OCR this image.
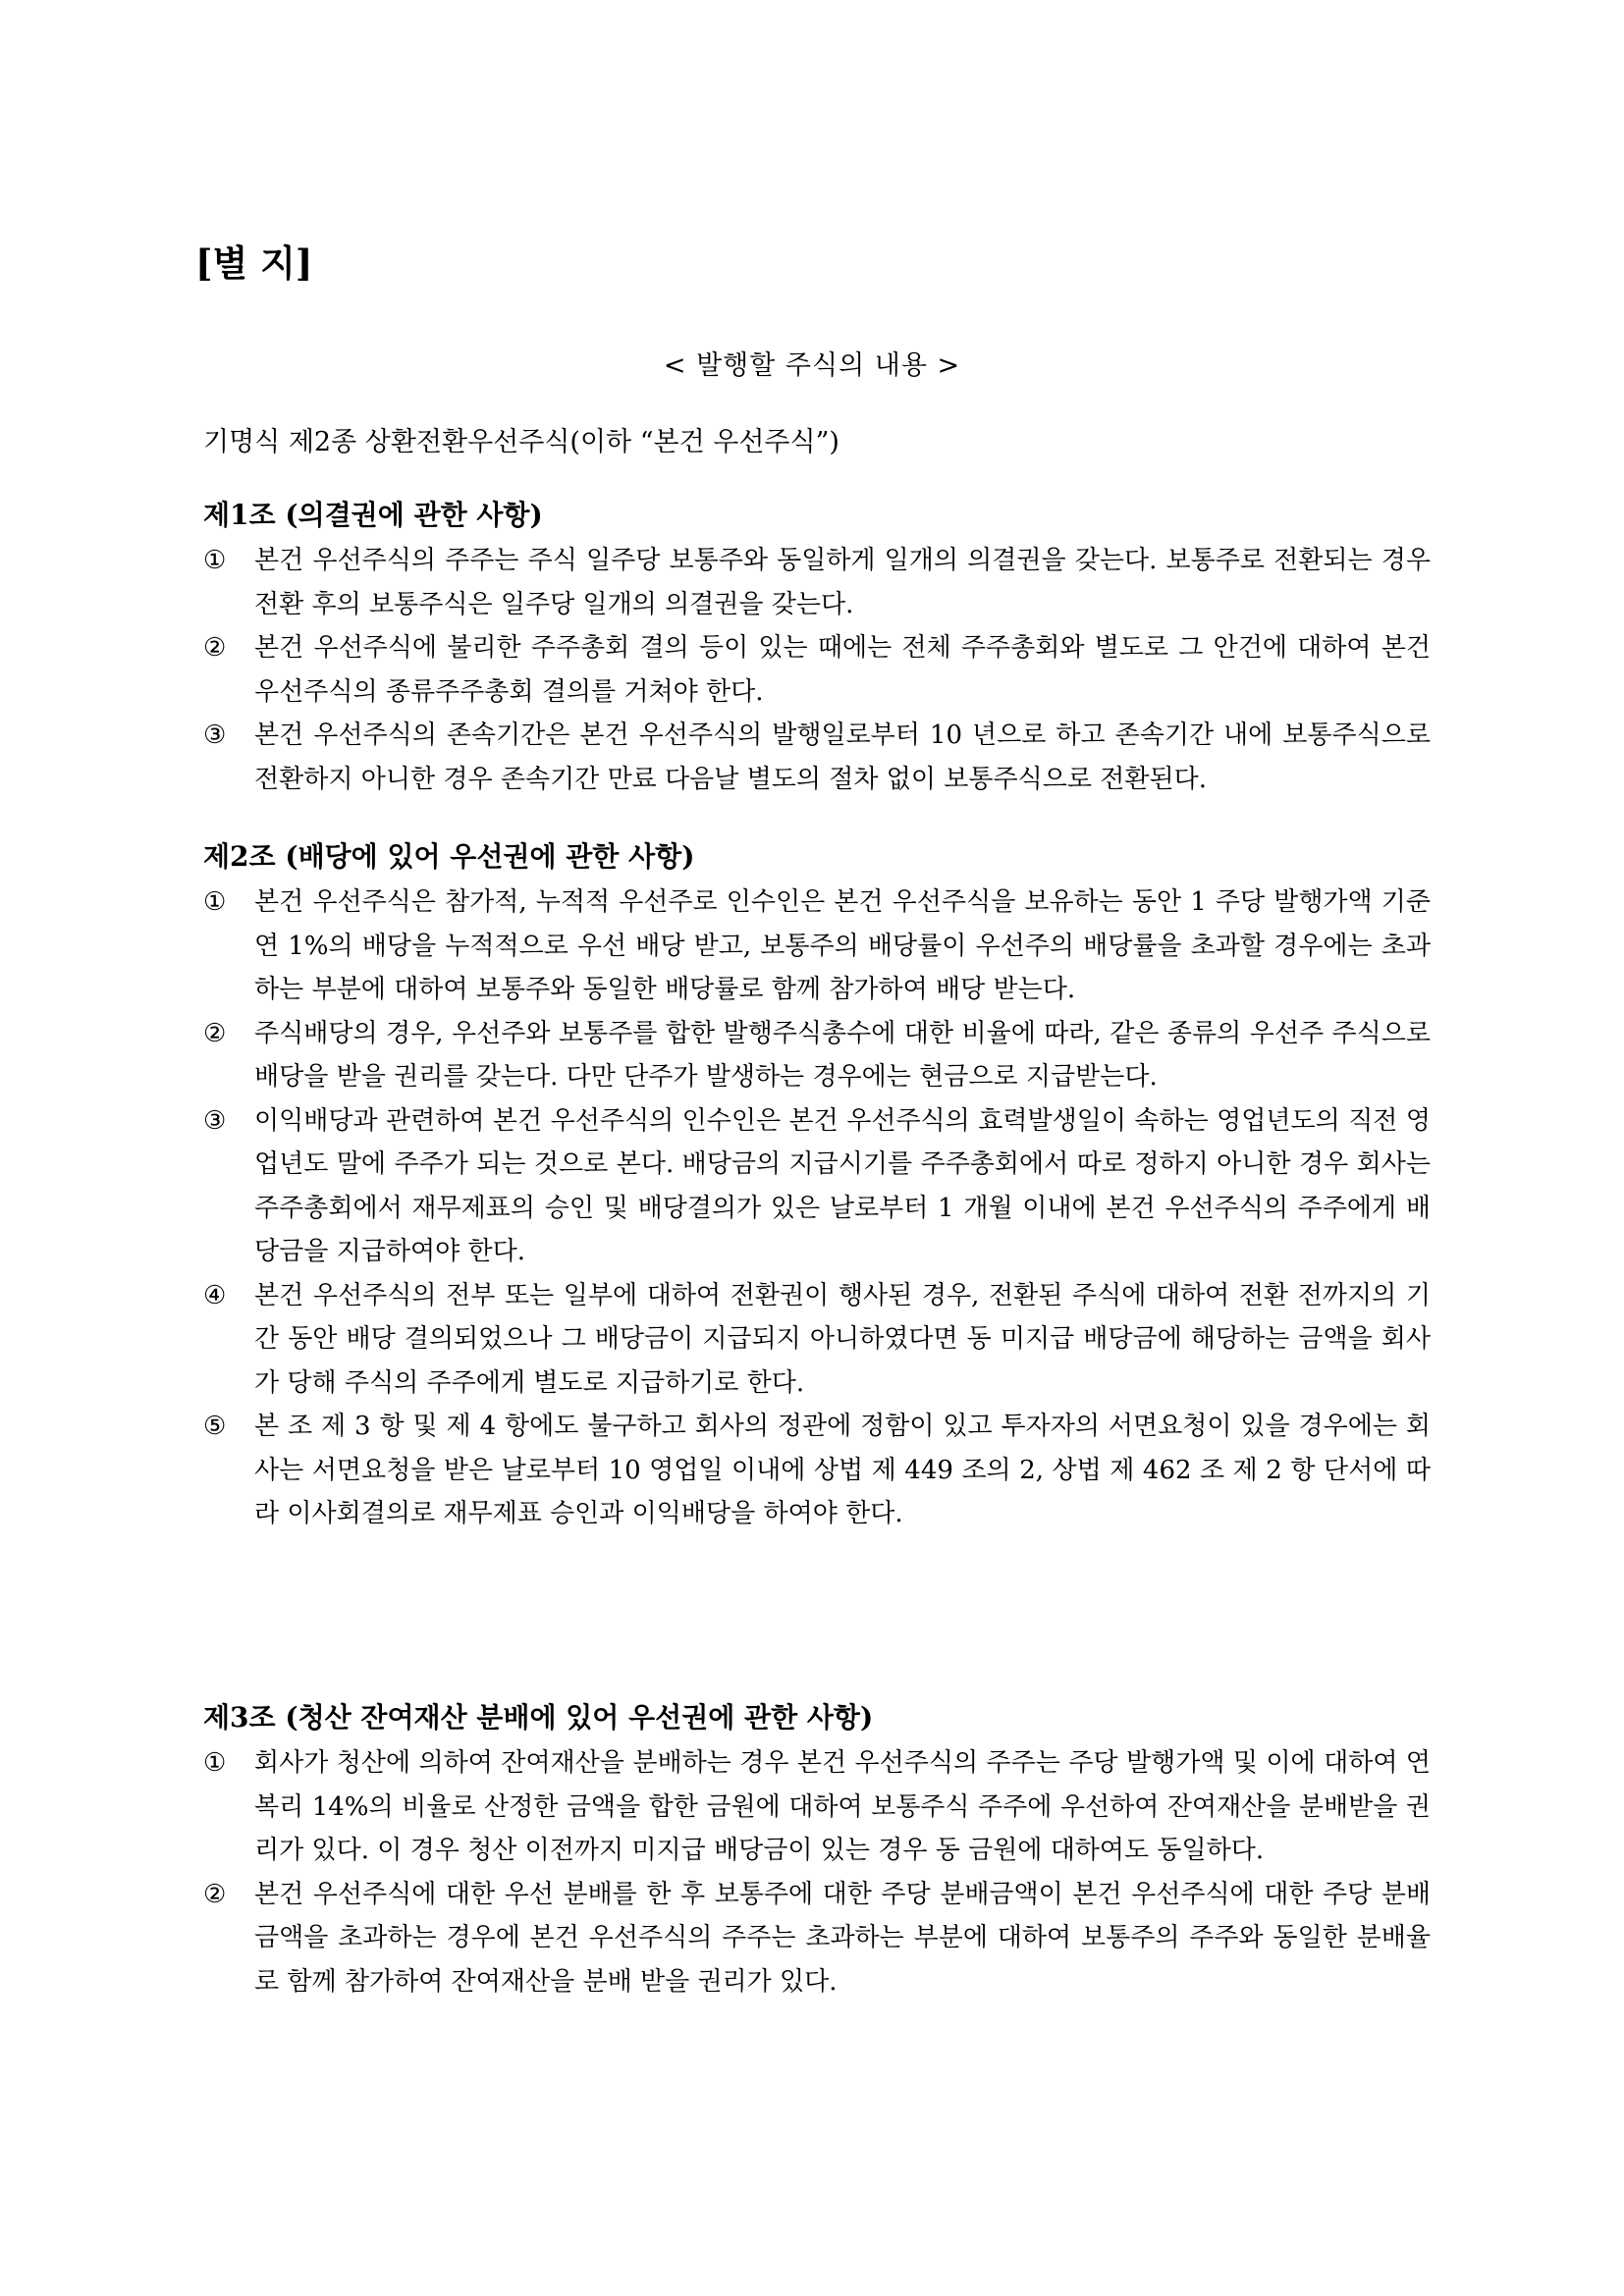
[별 지]

< 발행할 주식의 내용 >

기명식 제2종 상환전환우선주식(이하 “본건 우선주식”)

제1조 (의결권에 관한 사항)
①	본건 우선주식의 주주는 주식 일주당 보통주와 동일하게 일개의 의결권을 갖는다. 보통주로 전환되는 경우 전환 후의 보통주식은 일주당 일개의 의결권을 갖는다.
②	본건 우선주식에 불리한 주주총회 결의 등이 있는 때에는 전체 주주총회와 별도로 그 안건에 대하여 본건 우선주식의 종류주주총회 결의를 거쳐야 한다.
③	본건 우선주식의 존속기간은 본건 우선주식의 발행일로부터 10 년으로 하고 존속기간 내에 보통주식으로 전환하지 아니한 경우 존속기간 만료 다음날 별도의 절차 없이 보통주식으로 전환된다.
제2조 (배당에 있어 우선권에 관한 사항)
①	본건 우선주식은 참가적, 누적적 우선주로 인수인은 본건 우선주식을 보유하는 동안 1 주당 발행가액 기준 연 1%의 배당을 누적적으로 우선 배당 받고, 보통주의 배당률이 우선주의 배당률을 초과할 경우에는 초과하는 부분에 대하여 보통주와 동일한 배당률로 함께 참가하여 배당 받는다.
②	주식배당의 경우, 우선주와 보통주를 합한 발행주식총수에 대한 비율에 따라, 같은 종류의 우선주 주식으로 배당을 받을 권리를 갖는다. 다만 단주가 발생하는 경우에는 현금으로 지급받는다.
③	이익배당과 관련하여 본건 우선주식의 인수인은 본건 우선주식의 효력발생일이 속하는 영업년도의 직전 영업년도 말에 주주가 되는 것으로 본다. 배당금의 지급시기를 주주총회에서 따로 정하지 아니한 경우 회사는 주주총회에서 재무제표의 승인 및 배당결의가 있은 날로부터 1 개월 이내에 본건 우선주식의 주주에게 배당금을 지급하여야 한다.
④	본건 우선주식의 전부 또는 일부에 대하여 전환권이 행사된 경우, 전환된 주식에 대하여 전환 전까지의 기간 동안 배당 결의되었으나 그 배당금이 지급되지 아니하였다면 동 미지급 배당금에 해당하는 금액을 회사가 당해 주식의 주주에게 별도로 지급하기로 한다.
⑤	본 조 제 3 항 및 제 4 항에도 불구하고 회사의 정관에 정함이 있고 투자자의 서면요청이 있을 경우에는 회사는 서면요청을 받은 날로부터 10 영업일 이내에 상법 제 449 조의 2, 상법 제 462 조 제 2 항 단서에 따라 이사회결의로 재무제표 승인과 이익배당을 하여야 한다.
제3조 (청산 잔여재산 분배에 있어 우선권에 관한 사항)
①	회사가 청산에 의하여 잔여재산을 분배하는 경우 본건 우선주식의 주주는 주당 발행가액 및 이에 대하여 연복리 14%의 비율로 산정한 금액을 합한 금원에 대하여 보통주식 주주에 우선하여 잔여재산을 분배받을 권리가 있다. 이 경우 청산 이전까지 미지급 배당금이 있는 경우 동 금원에 대하여도 동일하다.
②	본건 우선주식에 대한 우선 분배를 한 후 보통주에 대한 주당 분배금액이 본건 우선주식에 대한 주당 분배금액을 초과하는 경우에 본건 우선주식의 주주는 초과하는 부분에 대하여 보통주의 주주와 동일한 분배율로 함께 참가하여 잔여재산을 분배 받을 권리가 있다.
